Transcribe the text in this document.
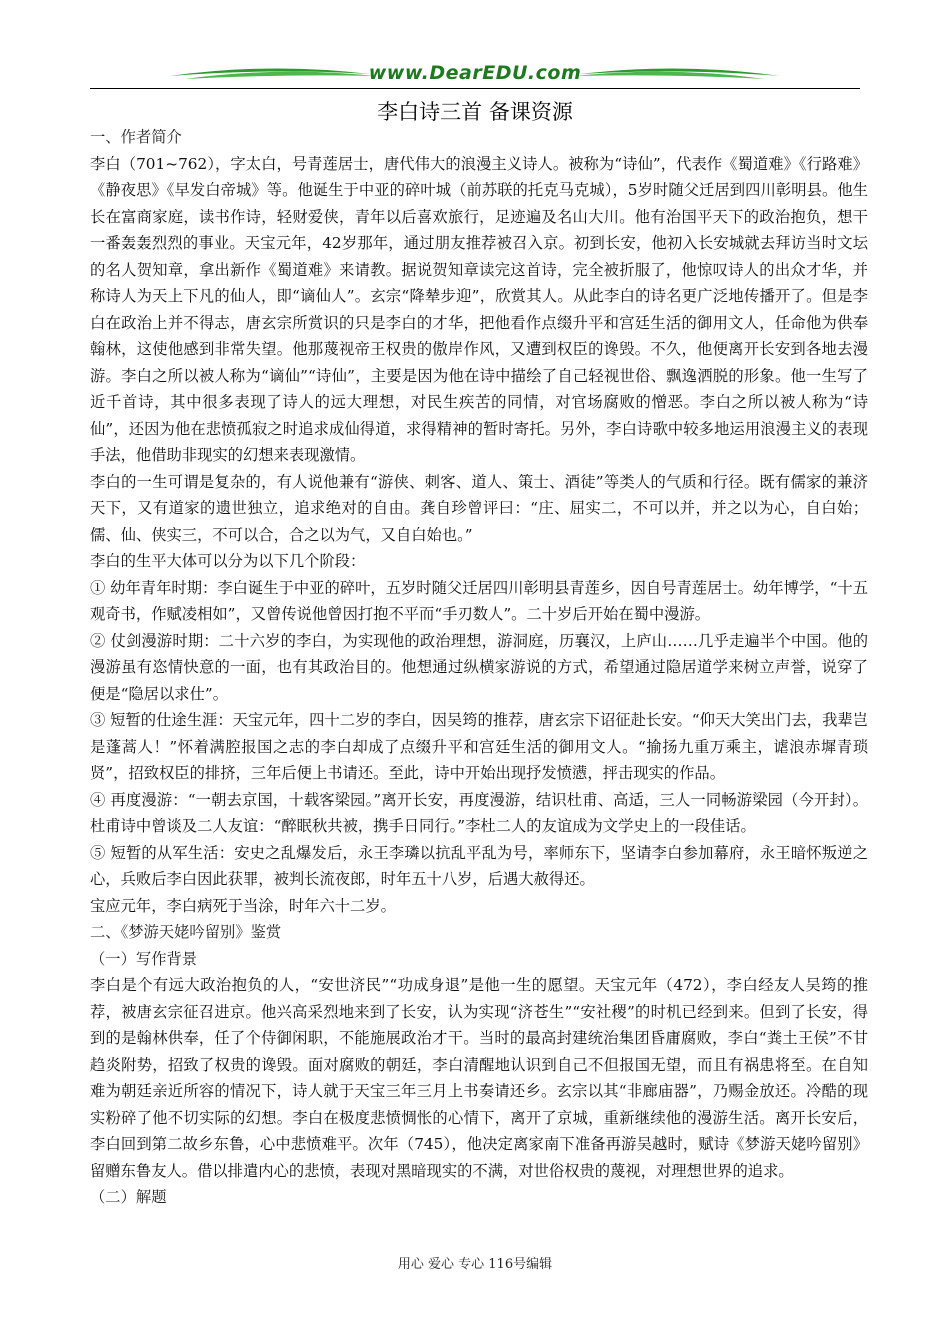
www.DearEDU.com
李白诗三首 备课资源

一、作者简介

李白（701~762），字太白，号青莲居士，唐代伟大的浪漫主义诗人。被称为“诗仙”，代表作《蜀道难》《行路难》《静夜思》《早发白帝城》等。他诞生于中亚的碎叶城（前苏联的托克马克城），5岁时随父迁居到四川彰明县。他生长在富商家庭，读书作诗，轻财爱侠，青年以后喜欢旅行，足迹遍及名山大川。他有治国平天下的政治抱负，想干一番轰轰烈烈的事业。天宝元年，42岁那年，通过朋友推荐被召入京。初到长安，他初入长安城就去拜访当时文坛的名人贺知章，拿出新作《蜀道难》来请教。据说贺知章读完这首诗，完全被折服了，他惊叹诗人的出众才华，并称诗人为天上下凡的仙人，即“谪仙人”。玄宗“降辇步迎”，欣赏其人。从此李白的诗名更广泛地传播开了。但是李白在政治上并不得志，唐玄宗所赏识的只是李白的才华，把他看作点缀升平和宫廷生活的御用文人，任命他为供奉翰林，这使他感到非常失望。他那蔑视帝王权贵的傲岸作风，又遭到权臣的谗毁。不久，他便离开长安到各地去漫游。李白之所以被人称为“谪仙”“诗仙”，主要是因为他在诗中描绘了自己轻视世俗、飘逸洒脱的形象。他一生写了近千首诗，其中很多表现了诗人的远大理想，对民生疾苦的同情，对官场腐败的憎恶。李白之所以被人称为“诗仙”，还因为他在悲愤孤寂之时追求成仙得道，求得精神的暂时寄托。另外，李白诗歌中较多地运用浪漫主义的表现手法，他借助非现实的幻想来表现激情。

李白的一生可谓是复杂的，有人说他兼有“游侠、刺客、道人、策士、酒徒”等类人的气质和行径。既有儒家的兼济天下，又有道家的遗世独立，追求绝对的自由。龚自珍曾评曰：“庄、屈实二，不可以并，并之以为心，自白始；儒、仙、侠实三，不可以合，合之以为气，又自白始也。”

李白的生平大体可以分为以下几个阶段：

① 幼年青年时期：李白诞生于中亚的碎叶，五岁时随父迁居四川彰明县青莲乡，因自号青莲居士。幼年博学，“十五观奇书，作赋凌相如”，又曾传说他曾因打抱不平而“手刃数人”。二十岁后开始在蜀中漫游。

② 仗剑漫游时期：二十六岁的李白，为实现他的政治理想，游洞庭，历襄汉，上庐山……几乎走遍半个中国。他的漫游虽有恣情快意的一面，也有其政治目的。他想通过纵横家游说的方式，希望通过隐居道学来树立声誉，说穿了便是“隐居以求仕”。

③ 短暂的仕途生涯：天宝元年，四十二岁的李白，因吴筠的推荐，唐玄宗下诏征赴长安。“仰天大笑出门去，我辈岂是蓬蒿人！”怀着满腔报国之志的李白却成了点缀升平和宫廷生活的御用文人。“揄扬九重万乘主，谑浪赤墀青琐贤”，招致权臣的排挤，三年后便上书请还。至此，诗中开始出现抒发愤懑，抨击现实的作品。

④ 再度漫游：“一朝去京国，十载客梁园。”离开长安，再度漫游，结识杜甫、高适，三人一同畅游梁园（今开封）。杜甫诗中曾谈及二人友谊：“醉眠秋共被，携手日同行。”李杜二人的友谊成为文学史上的一段佳话。

⑤ 短暂的从军生活：安史之乱爆发后，永王李璘以抗乱平乱为号，率师东下，坚请李白参加幕府，永王暗怀叛逆之心，兵败后李白因此获罪，被判长流夜郎，时年五十八岁，后遇大赦得还。

宝应元年，李白病死于当涂，时年六十二岁。

二、《梦游天姥吟留别》鉴赏

（一）写作背景

李白是个有远大政治抱负的人，“安世济民”“功成身退”是他一生的愿望。天宝元年（472），李白经友人吴筠的推荐，被唐玄宗征召进京。他兴高采烈地来到了长安，认为实现“济苍生”“安社稷”的时机已经到来。但到了长安，得到的是翰林供奉，任了个侍御闲职，不能施展政治才干。当时的最高封建统治集团昏庸腐败，李白“粪土王侯”不甘趋炎附势，招致了权贵的谗毁。面对腐败的朝廷，李白清醒地认识到自己不但报国无望，而且有祸患将至。在自知难为朝廷亲近所容的情况下，诗人就于天宝三年三月上书奏请还乡。玄宗以其“非廊庙器”，乃赐金放还。冷酷的现实粉碎了他不切实际的幻想。李白在极度悲愤惆怅的心情下，离开了京城，重新继续他的漫游生活。离开长安后，李白回到第二故乡东鲁，心中悲愤难平。次年（745），他决定离家南下准备再游吴越时，赋诗《梦游天姥吟留别》留赠东鲁友人。借以排遣内心的悲愤，表现对黑暗现实的不满，对世俗权贵的蔑视，对理想世界的追求。

（二）解题

用心 爱心 专心 116号编辑
